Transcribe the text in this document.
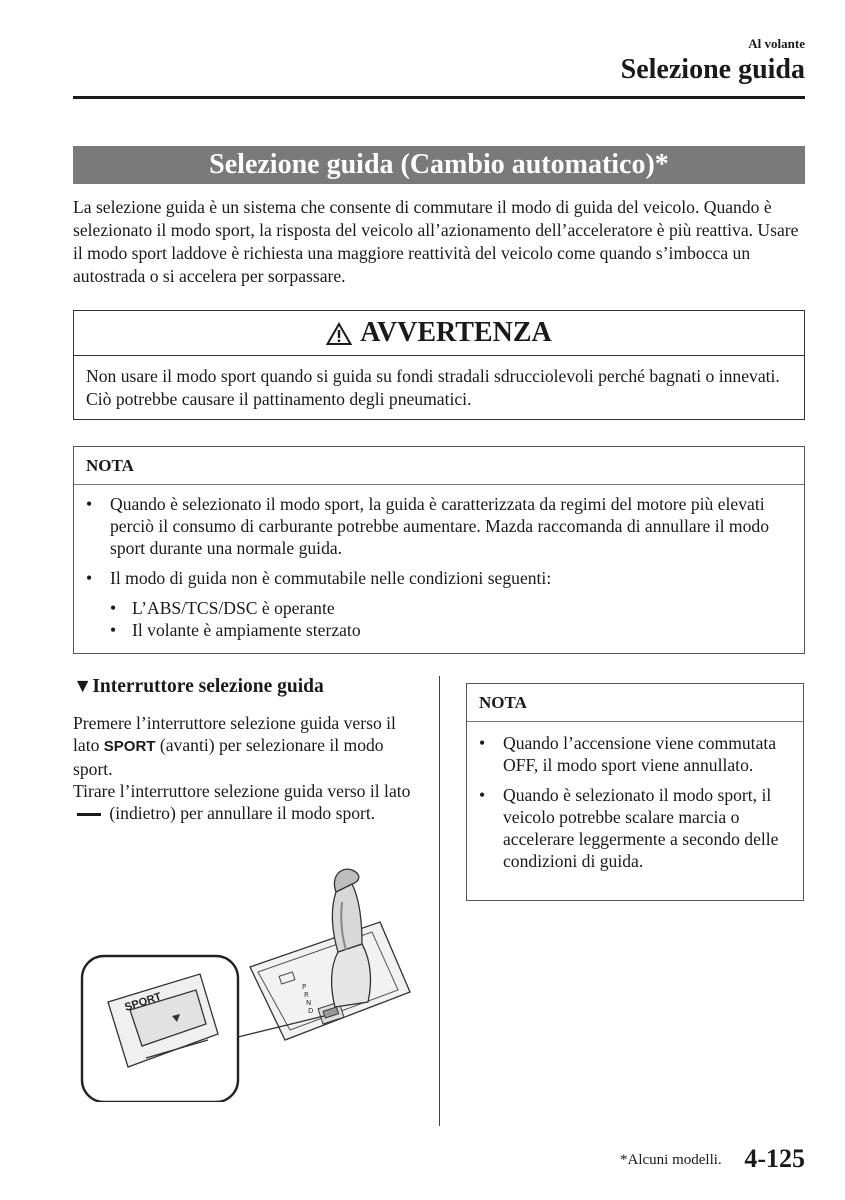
Al volante
Selezione guida
Selezione guida (Cambio automatico)*
La selezione guida è un sistema che consente di commutare il modo di guida del veicolo. Quando è selezionato il modo sport, la risposta del veicolo all’azionamento dell’acceleratore è più reattiva. Usare il modo sport laddove è richiesta una maggiore reattività del veicolo come quando s’imbocca un autostrada o si accelera per sorpassare.
AVVERTENZA
Non usare il modo sport quando si guida su fondi stradali sdrucciolevoli perché bagnati o innevati. Ciò potrebbe causare il pattinamento degli pneumatici.
NOTA
• Quando è selezionato il modo sport, la guida è caratterizzata da regimi del motore più elevati perciò il consumo di carburante potrebbe aumentare. Mazda raccomanda di annullare il modo sport durante una normale guida.
• Il modo di guida non è commutabile nelle condizioni seguenti:
• L’ABS/TCS/DSC è operante
• Il volante è ampiamente sterzato
▼Interruttore selezione guida
Premere l’interruttore selezione guida verso il lato SPORT (avanti) per selezionare il modo sport.
Tirare l’interruttore selezione guida verso il lato  (indietro) per annullare il modo sport.
NOTA
• Quando l’accensione viene commutata OFF, il modo sport viene annullato.
• Quando è selezionato il modo sport, il veicolo potrebbe scalare marcia o accelerare leggermente a secondo delle condizioni di guida.
P
R
N
D
SPORT
*Alcuni modelli. 4-125
